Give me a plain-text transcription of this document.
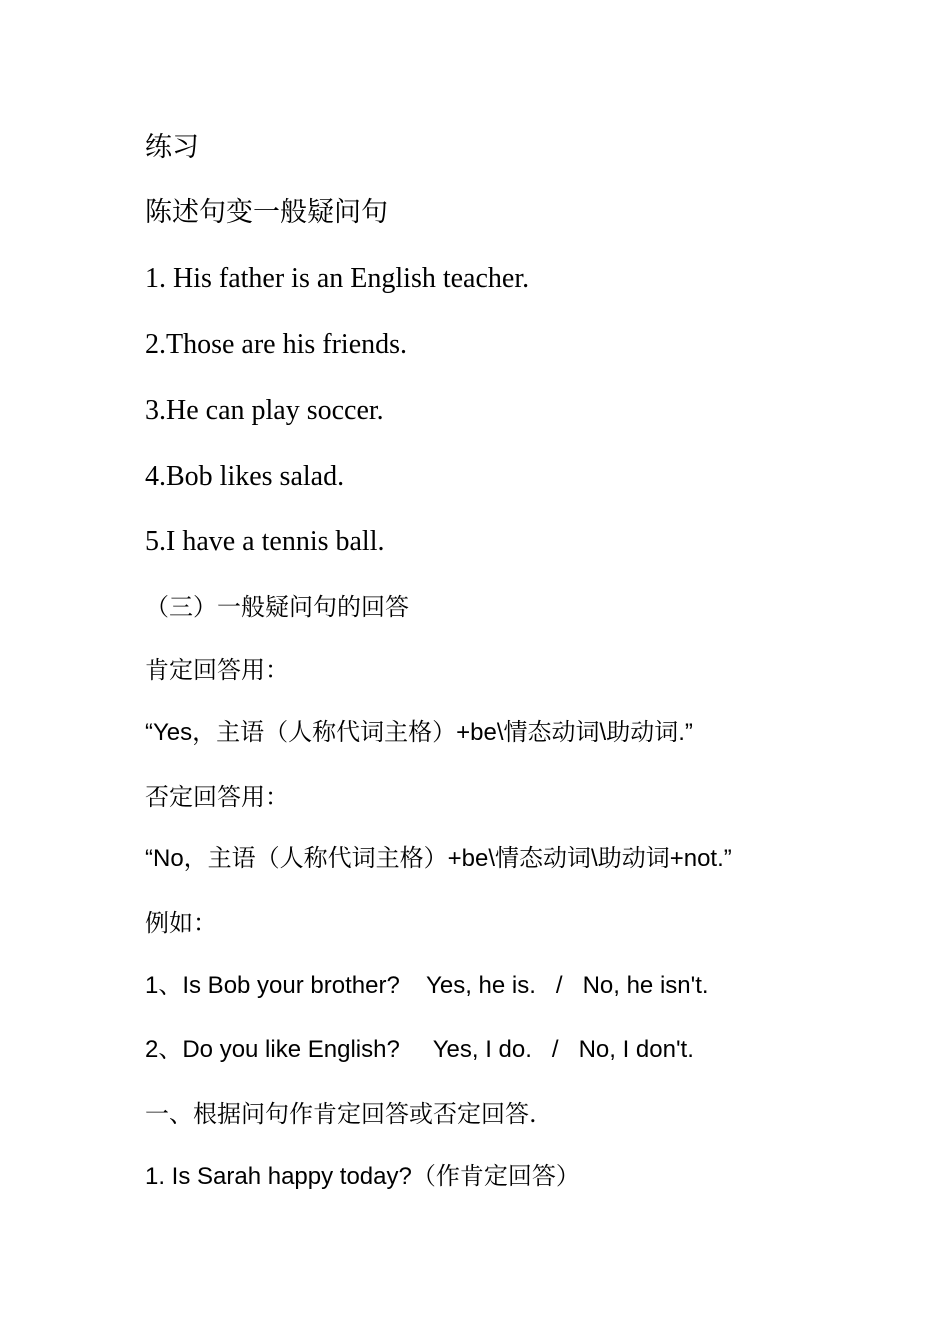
练习
陈述句变一般疑问句
1. His father is an English teacher.
2.Those are his friends.
3.He can play soccer.
4.Bob likes salad.
5.I have a tennis ball.
（三）一般疑问句的回答
肯定回答用：
“Yes，主语（人称代词主格）+be\情态动词\助动词.”
否定回答用：
“No，主语（人称代词主格）+be\情态动词\助动词+not.”
例如：
1、Is Bob your brother?    Yes, he is.   /   No, he isn't.
2、Do you like English?     Yes, I do.   /   No, I don't.
一、根据问句作肯定回答或否定回答.
1. Is Sarah happy today?（作肯定回答）
